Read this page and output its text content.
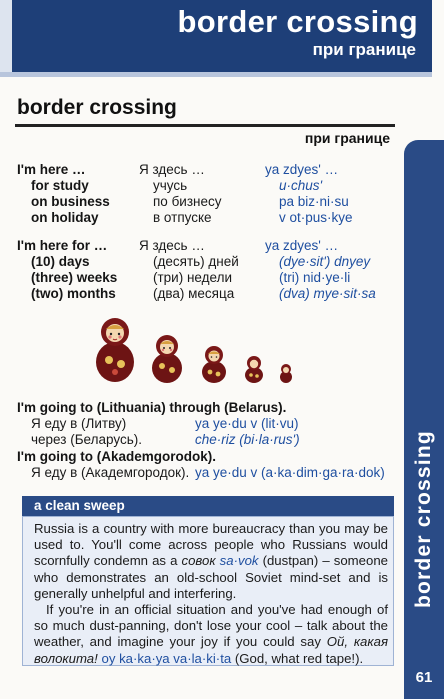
border crossing
при границе
border crossing
61
border crossing
при границе
I'm here …	Я здесь …	ya zdyes' …
for study	учусь	u·chus'
on business	по бизнесу	pa biz·ni·su
on holiday	в отпуске	v ot·pus·kye
I'm here for … Я здесь …	ya zdyes' …
(10) days	(десять) дней	(dye·sit') dnyey
(three) weeks	(три) недели	(tri) nid·ye·li
(two) months	(два) месяца	(dva) mye·sit·sa
I'm going to (Lithuania) through (Belarus).
Я еду в (Литву)	ya ye·du v (lit·vu)
через (Беларусь).	che·riz (bi·la·rus')
I'm going to (Akademgorodok).
Я еду в (Академгородок). ya ye·du v (a·ka·dim·ga·ra·dok)
a clean sweep

Russia is a country with more bureaucracy than you may be used to. You'll come across people who Russians would scornfully condemn as a совок sa·vok (dustpan) – someone who demonstrates an old-school Soviet mind-set and is generally unhelpful and interfering.

If you're in an official situation and you've had enough of so much dust-panning, don't lose your cool – talk about the weather, and imagine your joy if you could say Ой, какая волокита! oy ka·ka·ya va·la·ki·ta (God, what red tape!).
